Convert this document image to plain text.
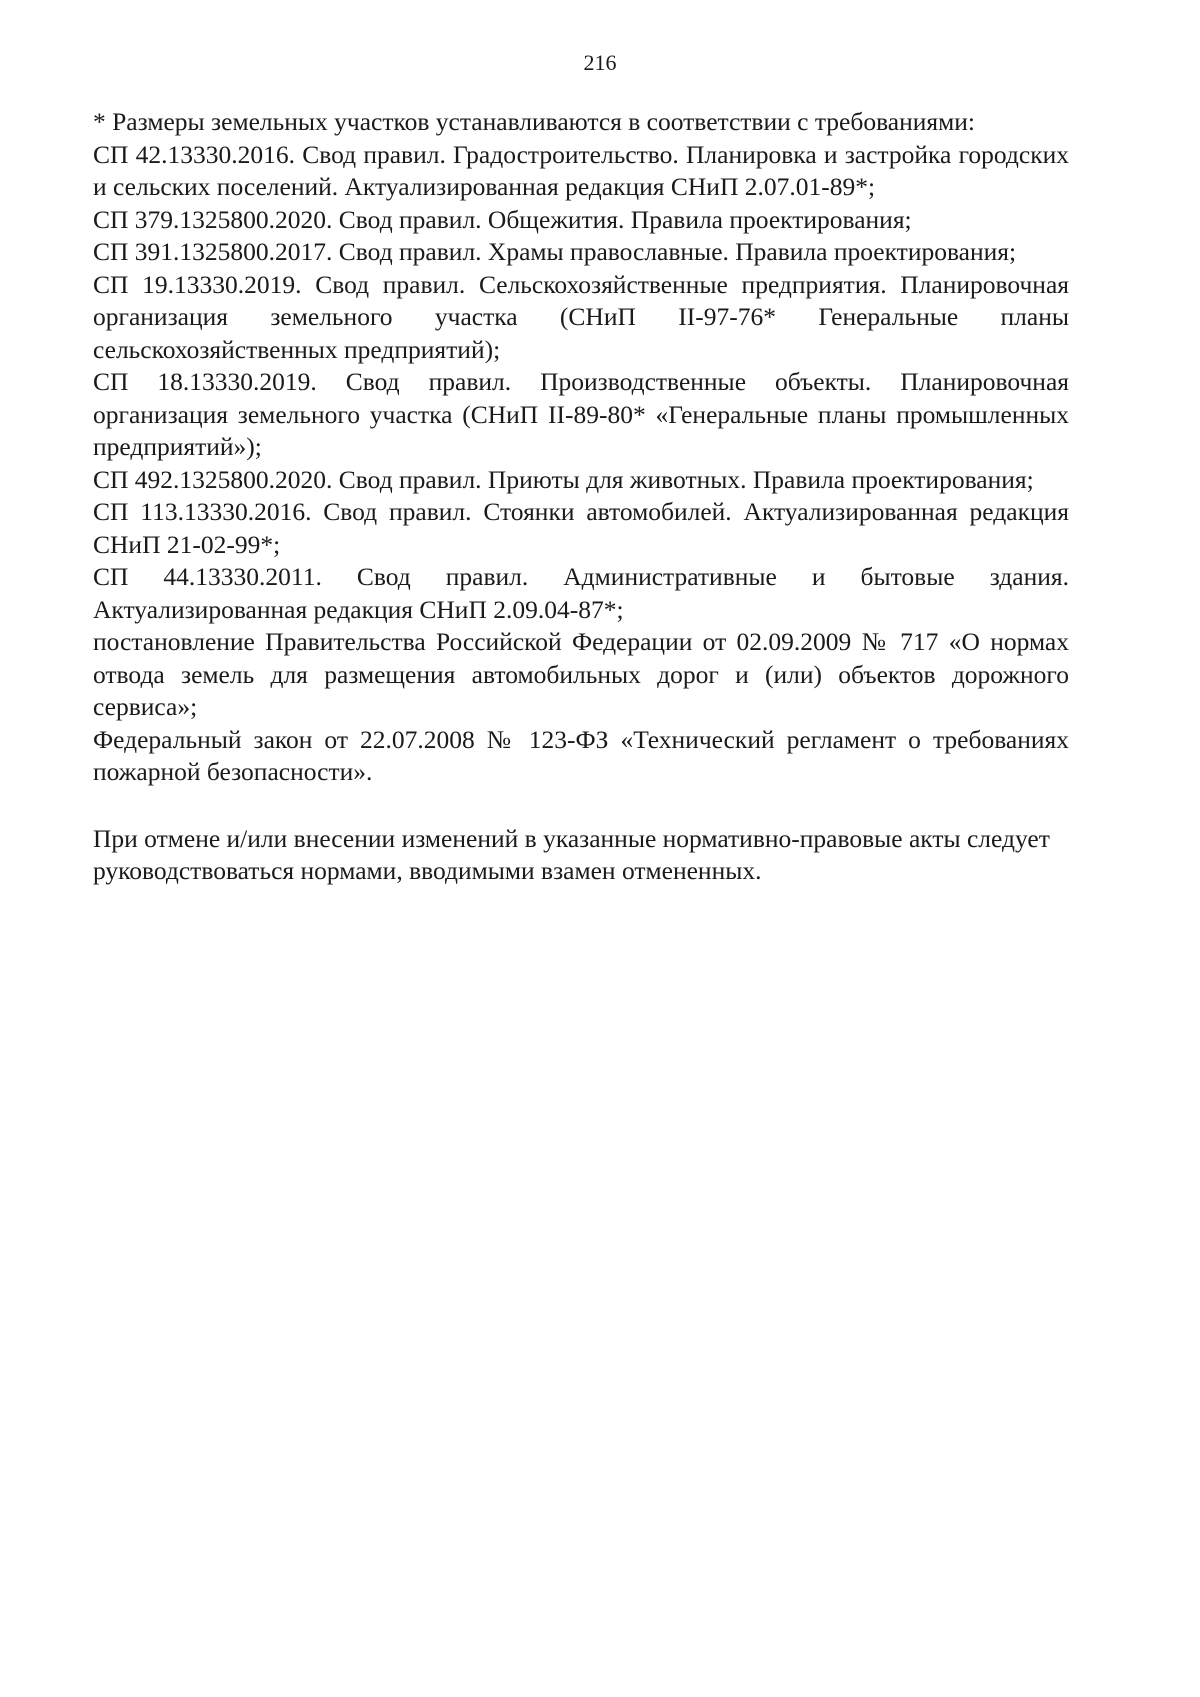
216

* Размеры земельных участков устанавливаются в соответствии с требованиями:

СП 42.13330.2016. Свод правил. Градостроительство. Планировка и застройка городских и сельских поселений. Актуализированная редакция СНиП 2.07.01-89*;

СП 379.1325800.2020. Свод правил. Общежития. Правила проектирования;

СП 391.1325800.2017. Свод правил. Храмы православные. Правила проектирования;

СП 19.13330.2019. Свод правил. Сельскохозяйственные предприятия. Планировочная организация земельного участка (СНиП II-97-76* Генеральные планы сельскохозяйственных предприятий);

СП 18.13330.2019. Свод правил. Производственные объекты. Планировочная организация земельного участка (СНиП II-89-80* «Генеральные планы промышленных предприятий»);

СП 492.1325800.2020. Свод правил. Приюты для животных. Правила проектирования;

СП 113.13330.2016. Свод правил. Стоянки автомобилей. Актуализированная редакция СНиП 21-02-99*;

СП 44.13330.2011. Свод правил. Административные и бытовые здания. Актуализированная редакция СНиП 2.09.04-87*;

постановление Правительства Российской Федерации от 02.09.2009 № 717 «О нормах отвода земель для размещения автомобильных дорог и (или) объектов дорожного сервиса»;

Федеральный закон от 22.07.2008 № 123-ФЗ «Технический регламент о требованиях пожарной безопасности».

При отмене и/или внесении изменений в указанные нормативно-правовые акты следует руководствоваться нормами, вводимыми взамен отмененных.
